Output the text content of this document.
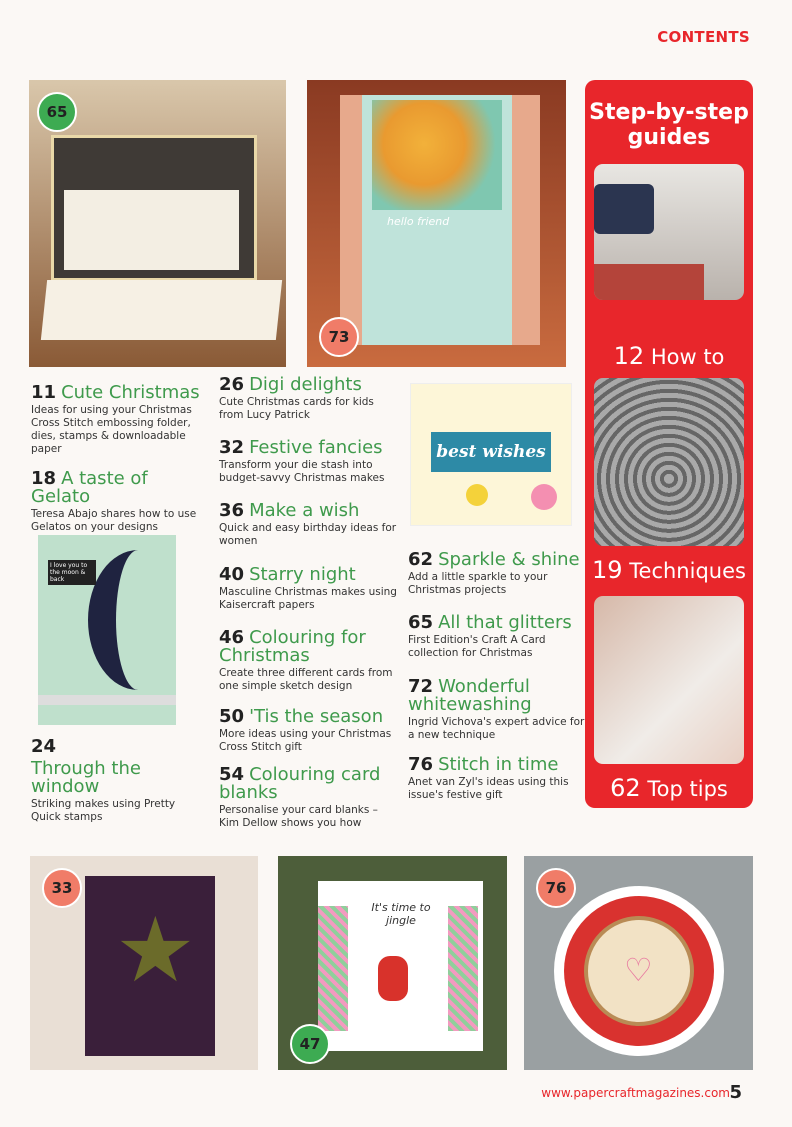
CONTENTS
65
hello friend
73
best wishes
I love you to the moon & back
★
33
It's time to jingle
47
♡
76
11 Cute Christmas
Ideas for using your Christmas Cross Stitch embossing folder, dies, stamps & downloadable paper
18 A taste of Gelato
Teresa Abajo shares how to use Gelatos on your designs
24
Through the window
Striking makes using Pretty Quick stamps
26 Digi delights
Cute Christmas cards for kids from Lucy Patrick
32 Festive fancies
Transform your die stash into budget-savvy Christmas makes
36 Make a wish
Quick and easy birthday ideas for women
40 Starry night
Masculine Christmas makes using Kaisercraft papers
46 Colouring for Christmas
Create three different cards from one simple sketch design
50 'Tis the season
More ideas using your Christmas Cross Stitch gift
54 Colouring card blanks
Personalise your card blanks – Kim Dellow shows you how
62 Sparkle & shine
Add a little sparkle to your Christmas projects
65 All that glitters
First Edition's Craft A Card collection for Christmas
72 Wonderful whitewashing
Ingrid Vichova's expert advice for a new technique
76 Stitch in time
Anet van Zyl's ideas using this issue's festive gift
Step-by-step guides
12 How to
19 Techniques
62 Top tips
www.papercraftmagazines.com 5
